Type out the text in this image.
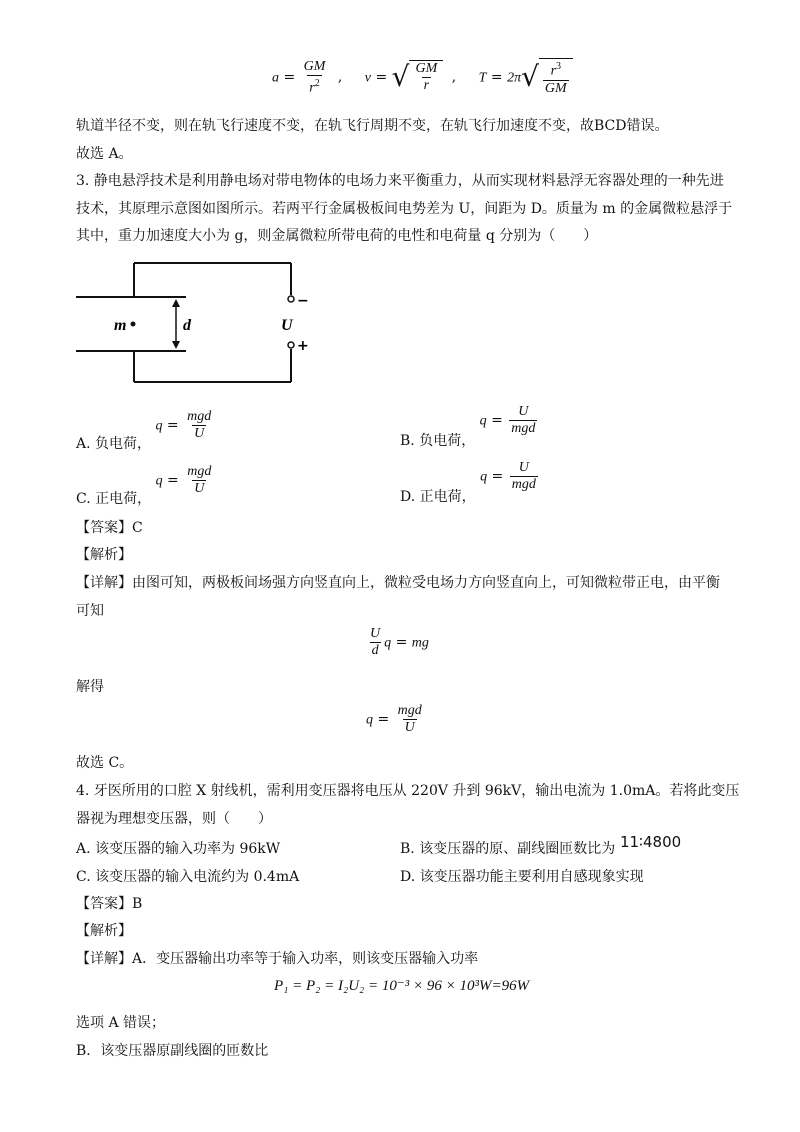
$a = \frac{GM}{r^2}$ , v = √ $\frac{GM}{r}$ , T = 2π √ $\frac{r^3}{GM}$
轨道半径不变，则在轨飞行速度不变，在轨飞行周期不变，在轨飞行加速度不变，故BCD错误。
故选 A。
3. 静电悬浮技术是利用静电场对带电物体的电场力来平衡重力，从而实现材料悬浮无容器处理的一种先进
技术，其原理示意图如图所示。若两平行金属极板间电势差为 U，间距为 D。质量为 m 的金属微粒悬浮于
其中，重力加速度大小为 g，则金属微粒所带电荷的电性和电荷量 q 分别为（　　）
m	d	U
−
+
A. 负电荷， $q = \frac{\text{mgd}}{U}$	B. 负电荷， $q = \frac{U}{\text{mgd}}$
C. 正电荷， $q = \frac{\text{mgd}}{U}$	D. 正电荷， $q = \frac{U}{\text{mgd}}$
【答案】C
【解析】
【详解】由图可知，两极板间场强方向竖直向上，微粒受电场力方向竖直向上，可知微粒带正电，由平衡
可知
$\frac{U}{d}$ q = mg
解得
$q = \frac{\text{mgd}}{U}$
故选 C。
4. 牙医所用的口腔 X 射线机，需利用变压器将电压从 220V 升到 96kV，输出电流为 1.0mA。若将此变压
器视为理想变压器，则（　　）
A. 该变压器的输入功率为 96kW	B. 该变压器的原、副线圈匝数比为 11∶4800
C. 该变压器的输入电流约为 0.4mA	D. 该变压器功能主要利用自感现象实现
【答案】B
【解析】
【详解】A．变压器输出功率等于输入功率，则该变压器输入功率
P₁ = P₂ = I₂U₂ = 10⁻³ × 96 × 10³W=96W
选项 A 错误；
B．该变压器原副线圈的匝数比
